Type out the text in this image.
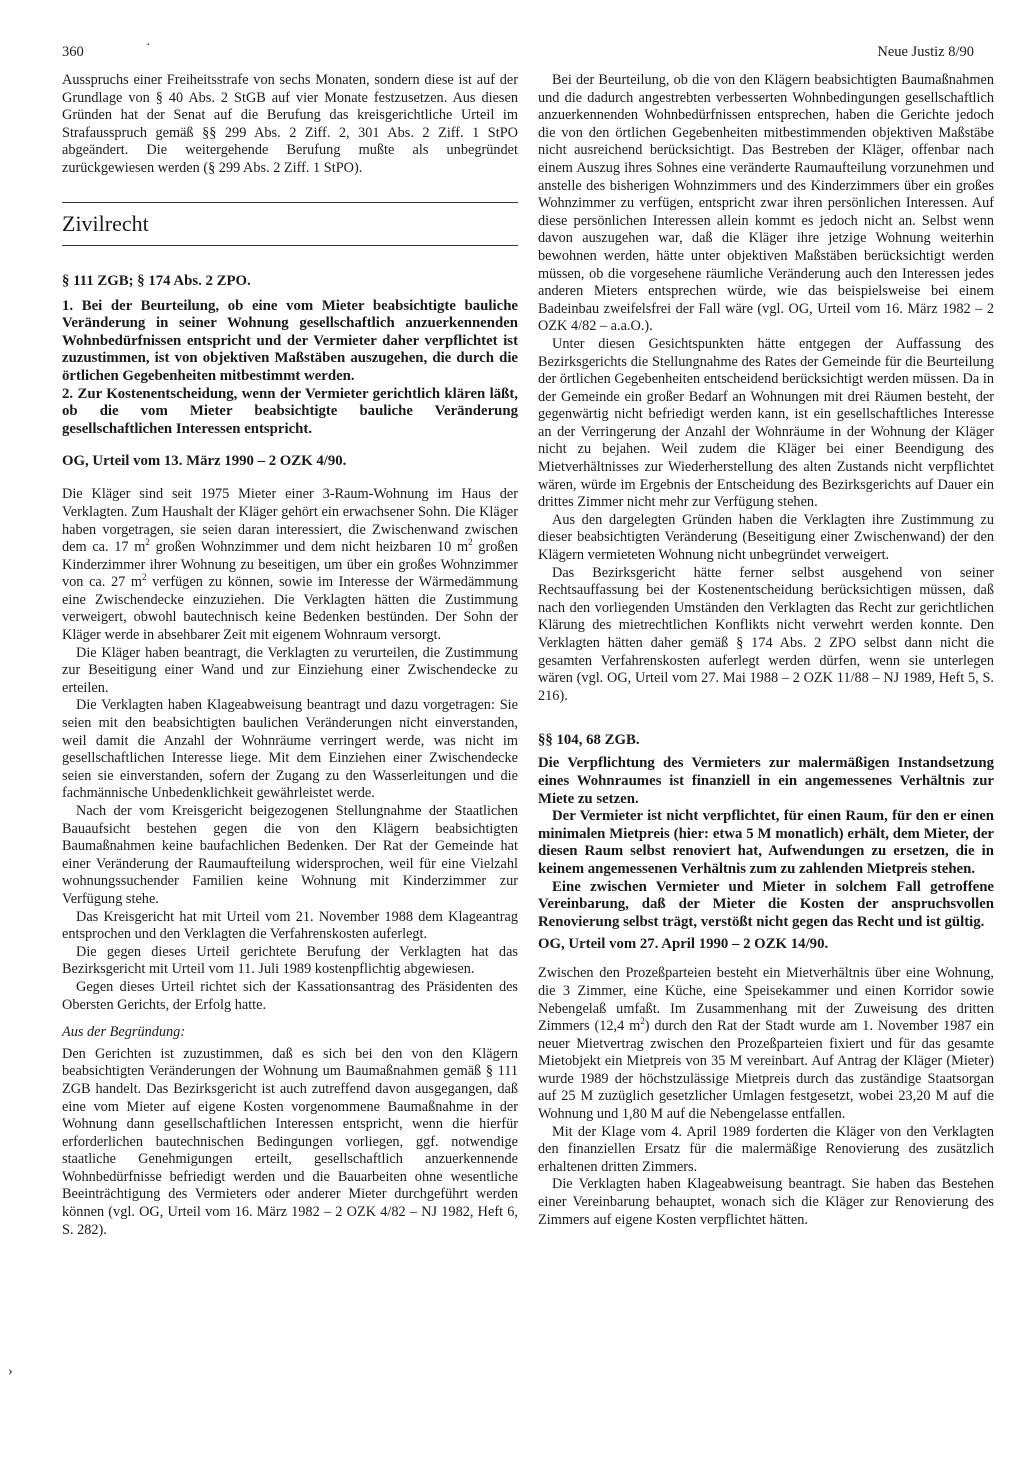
360	·	Neue Justiz 8/90

Ausspruchs einer Freiheitsstrafe von sechs Monaten, sondern diese ist auf der Grundlage von § 40 Abs. 2 StGB auf vier Monate festzusetzen. Aus diesen Gründen hat der Senat auf die Berufung das kreisgerichtliche Urteil im Strafausspruch gemäß §§ 299 Abs. 2 Ziff. 2, 301 Abs. 2 Ziff. 1 StPO abgeändert. Die weitergehende Berufung mußte als unbegründet zurückgewiesen werden (§ 299 Abs. 2 Ziff. 1 StPO).

Zivilrecht

§ 111 ZGB; § 174 Abs. 2 ZPO.

1. Bei der Beurteilung, ob eine vom Mieter beabsichtigte bauliche Veränderung in seiner Wohnung gesellschaftlich anzuerkennenden Wohnbedürfnissen entspricht und der Vermieter daher verpflichtet ist zuzustimmen, ist von objektiven Maßstäben auszugehen, die durch die örtlichen Gegebenheiten mitbestimmt werden.

2. Zur Kostenentscheidung, wenn der Vermieter gerichtlich klären läßt, ob die vom Mieter beabsichtigte bauliche Veränderung gesellschaftlichen Interessen entspricht.

OG, Urteil vom 13. März 1990 – 2 OZK 4/90.

Die Kläger sind seit 1975 Mieter einer 3-Raum-Wohnung im Haus der Verklagten. Zum Haushalt der Kläger gehört ein erwachsener Sohn. Die Kläger haben vorgetragen, sie seien daran interessiert, die Zwischenwand zwischen dem ca. 17 $m^2$ großen Wohnzimmer und dem nicht heizbaren 10 $m^2$ großen Kinderzimmer ihrer Wohnung zu beseitigen, um über ein großes Wohnzimmer von ca. 27 $m^2$ verfügen zu können, sowie im Interesse der Wärmedämmung eine Zwischendecke einzuziehen. Die Verklagten hätten die Zustimmung verweigert, obwohl bautechnisch keine Bedenken bestünden. Der Sohn der Kläger werde in absehbarer Zeit mit eigenem Wohnraum versorgt.

Die Kläger haben beantragt, die Verklagten zu verurteilen, die Zustimmung zur Beseitigung einer Wand und zur Einziehung einer Zwischendecke zu erteilen.

Die Verklagten haben Klageabweisung beantragt und dazu vorgetragen: Sie seien mit den beabsichtigten baulichen Veränderungen nicht einverstanden, weil damit die Anzahl der Wohnräume verringert werde, was nicht im gesellschaftlichen Interesse liege. Mit dem Einziehen einer Zwischendecke seien sie einverstanden, sofern der Zugang zu den Wasserleitungen und die fachmännische Unbedenklichkeit gewährleistet werde.

Nach der vom Kreisgericht beigezogenen Stellungnahme der Staatlichen Bauaufsicht bestehen gegen die von den Klägern beabsichtigten Baumaßnahmen keine baufachlichen Bedenken. Der Rat der Gemeinde hat einer Veränderung der Raumaufteilung widersprochen, weil für eine Vielzahl wohnungssuchender Familien keine Wohnung mit Kinderzimmer zur Verfügung stehe.

Das Kreisgericht hat mit Urteil vom 21. November 1988 dem Klageantrag entsprochen und den Verklagten die Verfahrenskosten auferlegt.

Die gegen dieses Urteil gerichtete Berufung der Verklagten hat das Bezirksgericht mit Urteil vom 11. Juli 1989 kostenpflichtig abgewiesen.

Gegen dieses Urteil richtet sich der Kassationsantrag des Präsidenten des Obersten Gerichts, der Erfolg hatte.

Aus der Begründung:

Den Gerichten ist zuzustimmen, daß es sich bei den von den Klägern beabsichtigten Veränderungen der Wohnung um Baumaßnahmen gemäß § 111 ZGB handelt. Das Bezirksgericht ist auch zutreffend davon ausgegangen, daß eine vom Mieter auf eigene Kosten vorgenommene Baumaßnahme in der Wohnung dann gesellschaftlichen Interessen entspricht, wenn die hierfür erforderlichen bautechnischen Bedingungen vorliegen, ggf. notwendige staatliche Genehmigungen erteilt, gesellschaftlich anzuerkennende Wohnbedürfnisse befriedigt werden und die Bauarbeiten ohne wesentliche Beeinträchtigung des Vermieters oder anderer Mieter durchgeführt werden können (vgl. OG, Urteil vom 16. März 1982 – 2 OZK 4/82 – NJ 1982, Heft 6, S. 282).

Bei der Beurteilung, ob die von den Klägern beabsichtigten Baumaßnahmen und die dadurch angestrebten verbesserten Wohnbedingungen gesellschaftlich anzuerkennenden Wohnbedürfnissen entsprechen, haben die Gerichte jedoch die von den örtlichen Gegebenheiten mitbestimmenden objektiven Maßstäbe nicht ausreichend berücksichtigt. Das Bestreben der Kläger, offenbar nach einem Auszug ihres Sohnes eine veränderte Raumaufteilung vorzunehmen und anstelle des bisherigen Wohnzimmers und des Kinderzimmers über ein großes Wohnzimmer zu verfügen, entspricht zwar ihren persönlichen Interessen. Auf diese persönlichen Interessen allein kommt es jedoch nicht an. Selbst wenn davon auszugehen war, daß die Kläger ihre jetzige Wohnung weiterhin bewohnen werden, hätte unter objektiven Maßstäben berücksichtigt werden müssen, ob die vorgesehene räumliche Veränderung auch den Interessen jedes anderen Mieters entsprechen würde, wie das beispielsweise bei einem Badeinbau zweifelsfrei der Fall wäre (vgl. OG, Urteil vom 16. März 1982 – 2 OZK 4/82 – a.a.O.).

Unter diesen Gesichtspunkten hätte entgegen der Auffassung des Bezirksgerichts die Stellungnahme des Rates der Gemeinde für die Beurteilung der örtlichen Gegebenheiten entscheidend berücksichtigt werden müssen. Da in der Gemeinde ein großer Bedarf an Wohnungen mit drei Räumen besteht, der gegenwärtig nicht befriedigt werden kann, ist ein gesellschaftliches Interesse an der Verringerung der Anzahl der Wohnräume in der Wohnung der Kläger nicht zu bejahen. Weil zudem die Kläger bei einer Beendigung des Mietverhältnisses zur Wiederherstellung des alten Zustands nicht verpflichtet wären, würde im Ergebnis der Entscheidung des Bezirksgerichts auf Dauer ein drittes Zimmer nicht mehr zur Verfügung stehen.

Aus den dargelegten Gründen haben die Verklagten ihre Zustimmung zu dieser beabsichtigten Veränderung (Beseitigung einer Zwischenwand) der den Klägern vermieteten Wohnung nicht unbegründet verweigert.

Das Bezirksgericht hätte ferner selbst ausgehend von seiner Rechtsauffassung bei der Kostenentscheidung berücksichtigen müssen, daß nach den vorliegenden Umständen den Verklagten das Recht zur gerichtlichen Klärung des mietrechtlichen Konflikts nicht verwehrt werden konnte. Den Verklagten hätten daher gemäß § 174 Abs. 2 ZPO selbst dann nicht die gesamten Verfahrenskosten auferlegt werden dürfen, wenn sie unterlegen wären (vgl. OG, Urteil vom 27. Mai 1988 – 2 OZK 11/88 – NJ 1989, Heft 5, S. 216).

§§ 104, 68 ZGB.

Die Verpflichtung des Vermieters zur malermäßigen Instandsetzung eines Wohnraumes ist finanziell in ein angemessenes Verhältnis zur Miete zu setzen.

Der Vermieter ist nicht verpflichtet, für einen Raum, für den er einen minimalen Mietpreis (hier: etwa 5 M monatlich) erhält, dem Mieter, der diesen Raum selbst renoviert hat, Aufwendungen zu ersetzen, die in keinem angemessenen Verhältnis zum zu zahlenden Mietpreis stehen.

Eine zwischen Vermieter und Mieter in solchem Fall getroffene Vereinbarung, daß der Mieter die Kosten der anspruchsvollen Renovierung selbst trägt, verstößt nicht gegen das Recht und ist gültig.

OG, Urteil vom 27. April 1990 – 2 OZK 14/90.

Zwischen den Prozeßparteien besteht ein Mietverhältnis über eine Wohnung, die 3 Zimmer, eine Küche, eine Speisekammer und einen Korridor sowie Nebengelaß umfaßt. Im Zusammenhang mit der Zuweisung des dritten Zimmers (12,4 $m^2$) durch den Rat der Stadt wurde am 1. November 1987 ein neuer Mietvertrag zwischen den Prozeßparteien fixiert und für das gesamte Mietobjekt ein Mietpreis von 35 M vereinbart. Auf Antrag der Kläger (Mieter) wurde 1989 der höchstzulässige Mietpreis durch das zuständige Staatsorgan auf 25 M zuzüglich gesetzlicher Umlagen festgesetzt, wobei 23,20 M auf die Wohnung und 1,80 M auf die Nebengelasse entfallen.

Mit der Klage vom 4. April 1989 forderten die Kläger von den Verklagten den finanziellen Ersatz für die malermäßige Renovierung des zusätzlich erhaltenen dritten Zimmers.

Die Verklagten haben Klageabweisung beantragt. Sie haben das Bestehen einer Vereinbarung behauptet, wonach sich die Kläger zur Renovierung des Zimmers auf eigene Kosten verpflichtet hätten.

›
